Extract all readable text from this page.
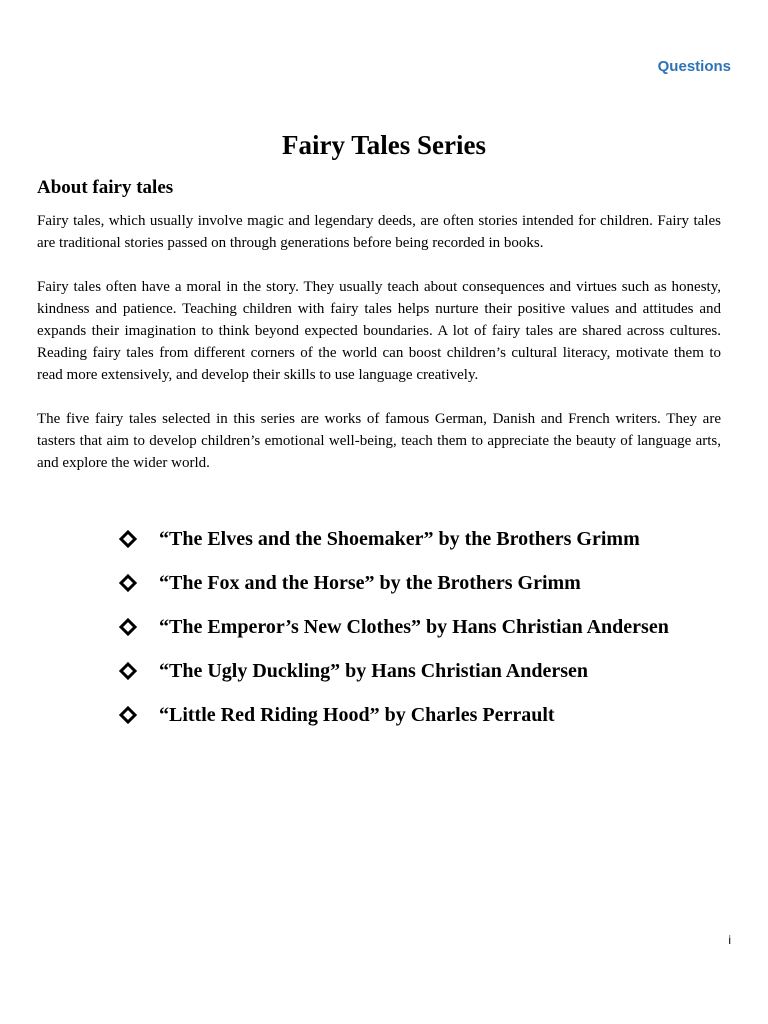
Questions
Fairy Tales Series
About fairy tales

Fairy tales, which usually involve magic and legendary deeds, are often stories intended for children. Fairy tales are traditional stories passed on through generations before being recorded in books.

Fairy tales often have a moral in the story. They usually teach about consequences and virtues such as honesty, kindness and patience. Teaching children with fairy tales helps nurture their positive values and attitudes and expands their imagination to think beyond expected boundaries. A lot of fairy tales are shared across cultures. Reading fairy tales from different corners of the world can boost children’s cultural literacy, motivate them to read more extensively, and develop their skills to use language creatively.

The five fairy tales selected in this series are works of famous German, Danish and French writers. They are tasters that aim to develop children’s emotional well-being, teach them to appreciate the beauty of language arts, and explore the wider world.

“The Elves and the Shoemaker” by the Brothers Grimm
“The Fox and the Horse” by the Brothers Grimm
“The Emperor’s New Clothes” by Hans Christian Andersen
“The Ugly Duckling” by Hans Christian Andersen
“Little Red Riding Hood” by Charles Perrault
i
